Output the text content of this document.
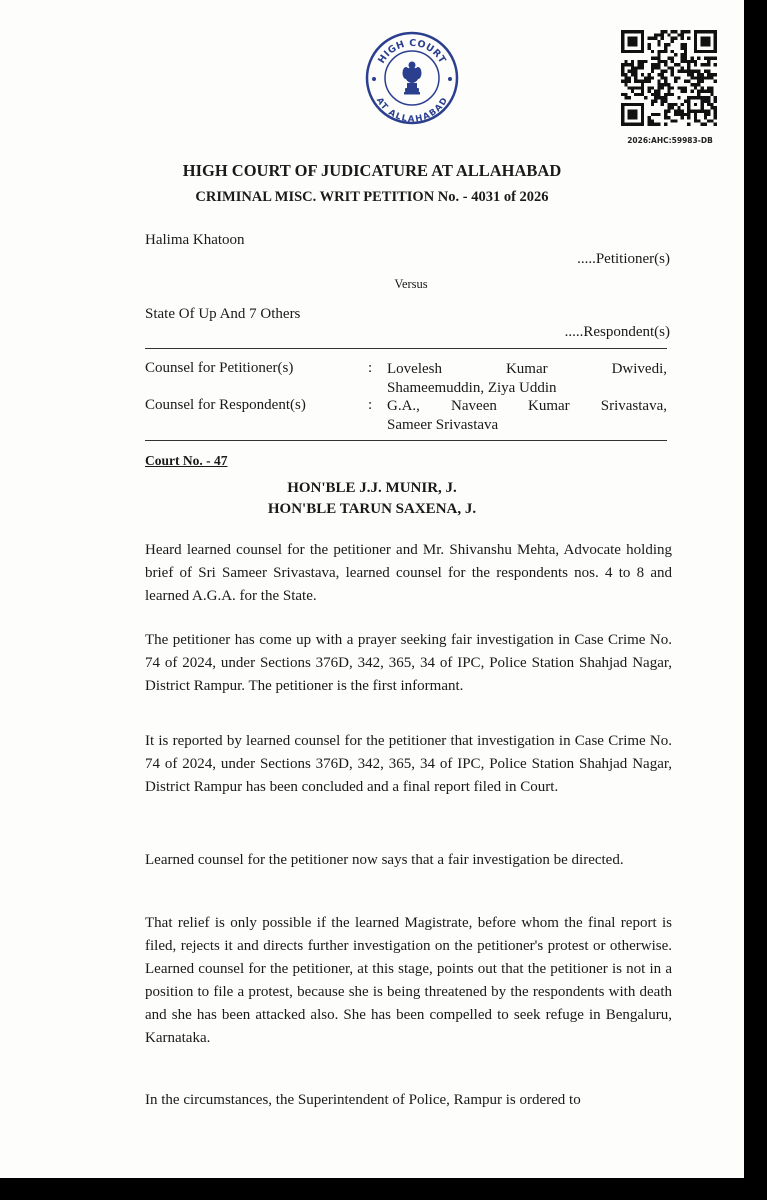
HIGH COURT
AT ALLAHABAD
2026:AHC:59983-DB
HIGH COURT OF JUDICATURE AT ALLAHABAD
CRIMINAL MISC. WRIT PETITION No. - 4031 of 2026
Halima Khatoon
.....Petitioner(s)
Versus
State Of Up And 7 Others
.....Respondent(s)
Counsel for Petitioner(s)	: Lovelesh Kumar Dwivedi,
Shameemuddin, Ziya Uddin
Counsel for Respondent(s)	: G.A., Naveen Kumar Srivastava,
Sameer Srivastava
Court No. - 47
HON'BLE J.J. MUNIR, J.
HON'BLE TARUN SAXENA, J.
Heard learned counsel for the petitioner and Mr. Shivanshu Mehta, Advocate holding brief of Sri Sameer Srivastava, learned counsel for the respondents nos. 4 to 8 and learned A.G.A. for the State.
The petitioner has come up with a prayer seeking fair investigation in Case Crime No. 74 of 2024, under Sections 376D, 342, 365, 34 of IPC, Police Station Shahjad Nagar, District Rampur. The petitioner is the first informant.
It is reported by learned counsel for the petitioner that investigation in Case Crime No. 74 of 2024, under Sections 376D, 342, 365, 34 of IPC, Police Station Shahjad Nagar, District Rampur has been concluded and a final report filed in Court.
Learned counsel for the petitioner now says that a fair investigation be directed.
That relief is only possible if the learned Magistrate, before whom the final report is filed, rejects it and directs further investigation on the petitioner's protest or otherwise. Learned counsel for the petitioner, at this stage, points out that the petitioner is not in a position to file a protest, because she is being threatened by the respondents with death and she has been attacked also. She has been compelled to seek refuge in Bengaluru, Karnataka.
In the circumstances, the Superintendent of Police, Rampur is ordered to
